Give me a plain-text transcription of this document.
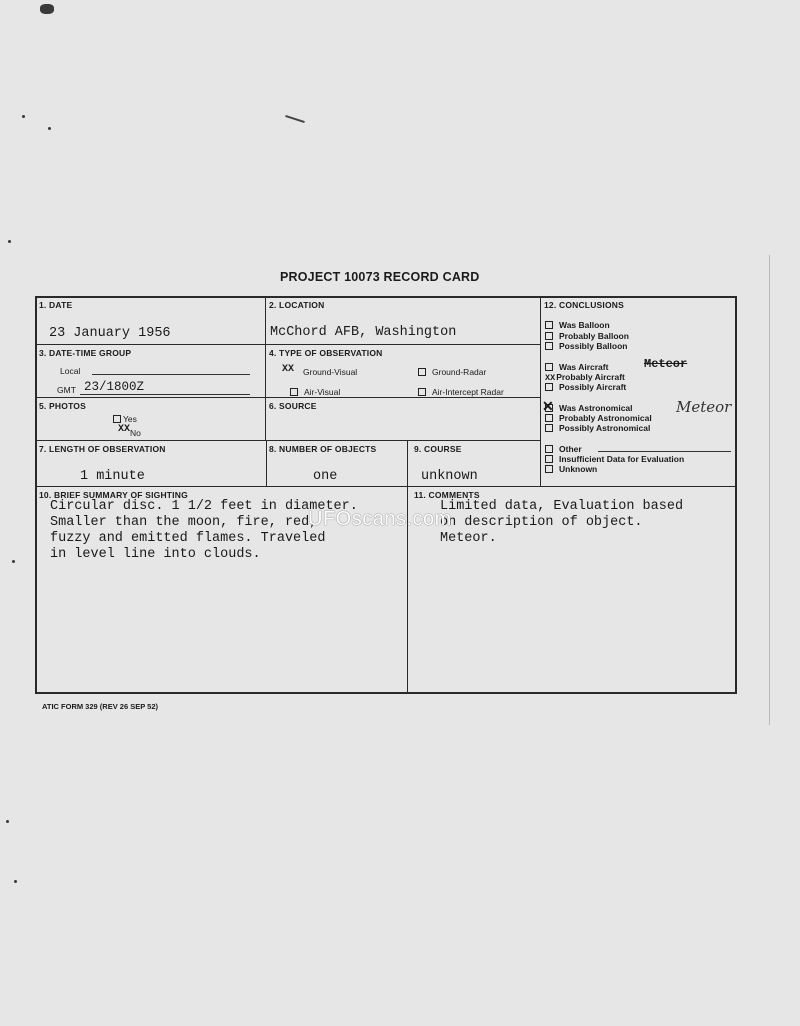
PROJECT 10073 RECORD CARD
1. DATE
23 January 1956
2. LOCATION
McChord AFB, Washington
3. DATE-TIME GROUP
Local
GMT 23/1800Z
4. TYPE OF OBSERVATION
XX Ground-Visual	Ground-Radar
Air-Visual	Air-Intercept Radar
5. PHOTOS
Yes
XX No
6. SOURCE
7. LENGTH OF OBSERVATION
1 minute
8. NUMBER OF OBJECTS
one
9. COURSE
unknown
12. CONCLUSIONS
Was Balloon
Probably Balloon
Possibly Balloon
Was Aircraft
XXProbably Aircraft
Possibly Aircraft
Was Astronomical
Probably Astronomical
Possibly Astronomical
Other
Insufficient Data for Evaluation
Unknown
✕
Meteor
Meteor
10. BRIEF SUMMARY OF SIGHTING
Circular disc. 1 1/2 feet in diameter.
Smaller than the moon, fire, red,
fuzzy and emitted flames. Traveled
in level line into clouds.
11. COMMENTS
Limited data, Evaluation based
on description of object.
Meteor.
UFOscans.com
ATIC FORM 329 (REV 26 SEP 52)
